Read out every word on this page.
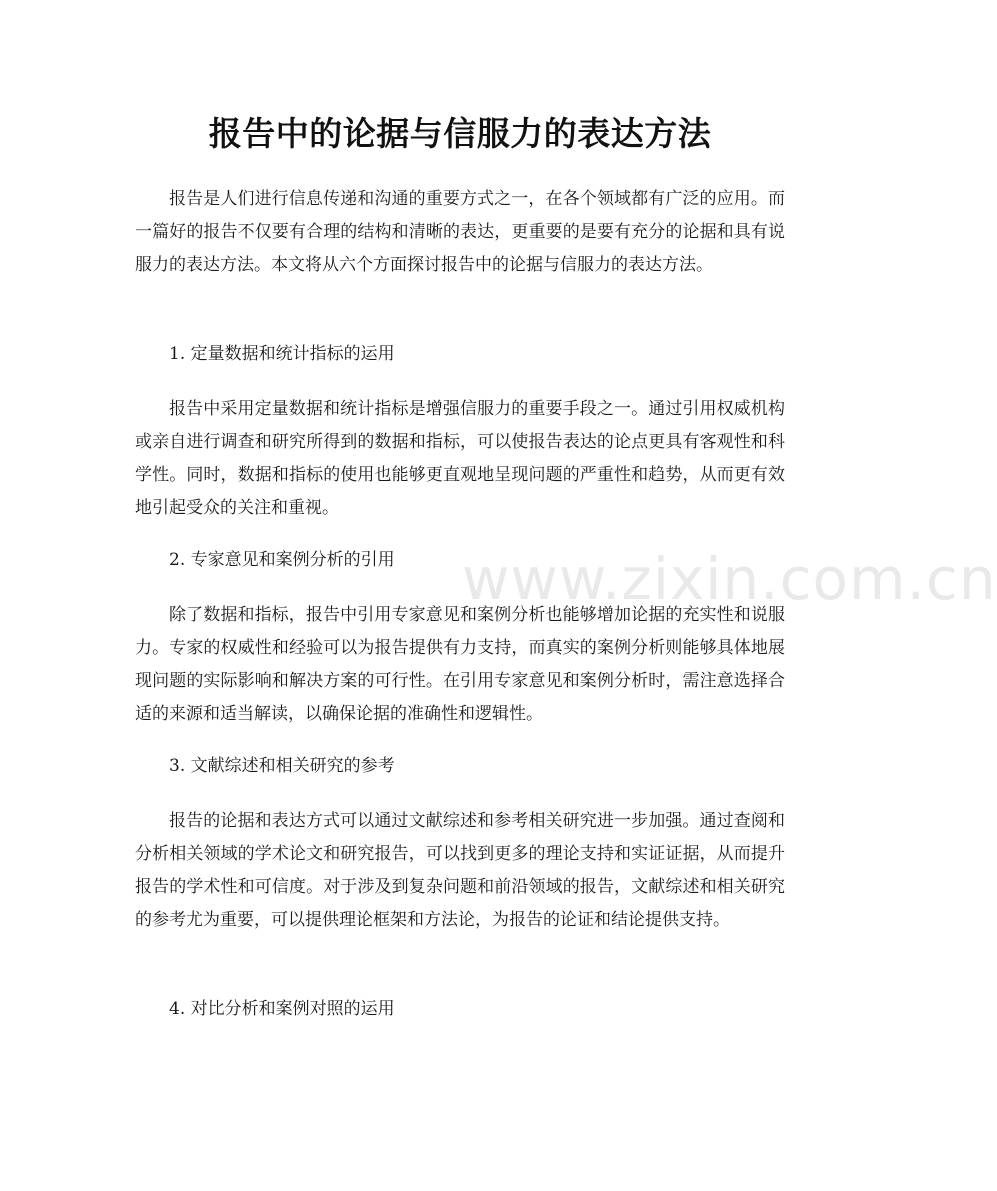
报告中的论据与信服力的表达方法

报告是人们进行信息传递和沟通的重要方式之一，在各个领域都有广泛的应用。而一篇好的报告不仅要有合理的结构和清晰的表达，更重要的是要有充分的论据和具有说服力的表达方法。本文将从六个方面探讨报告中的论据与信服力的表达方法。

1. 定量数据和统计指标的运用

报告中采用定量数据和统计指标是增强信服力的重要手段之一。通过引用权威机构或亲自进行调查和研究所得到的数据和指标，可以使报告表达的论点更具有客观性和科学性。同时，数据和指标的使用也能够更直观地呈现问题的严重性和趋势，从而更有效地引起受众的关注和重视。

2. 专家意见和案例分析的引用

除了数据和指标，报告中引用专家意见和案例分析也能够增加论据的充实性和说服力。专家的权威性和经验可以为报告提供有力支持，而真实的案例分析则能够具体地展现问题的实际影响和解决方案的可行性。在引用专家意见和案例分析时，需注意选择合适的来源和适当解读，以确保论据的准确性和逻辑性。

3. 文献综述和相关研究的参考

报告的论据和表达方式可以通过文献综述和参考相关研究进一步加强。通过查阅和分析相关领域的学术论文和研究报告，可以找到更多的理论支持和实证证据，从而提升报告的学术性和可信度。对于涉及到复杂问题和前沿领域的报告，文献综述和相关研究的参考尤为重要，可以提供理论框架和方法论，为报告的论证和结论提供支持。

4. 对比分析和案例对照的运用

www.zixin.com.cn
